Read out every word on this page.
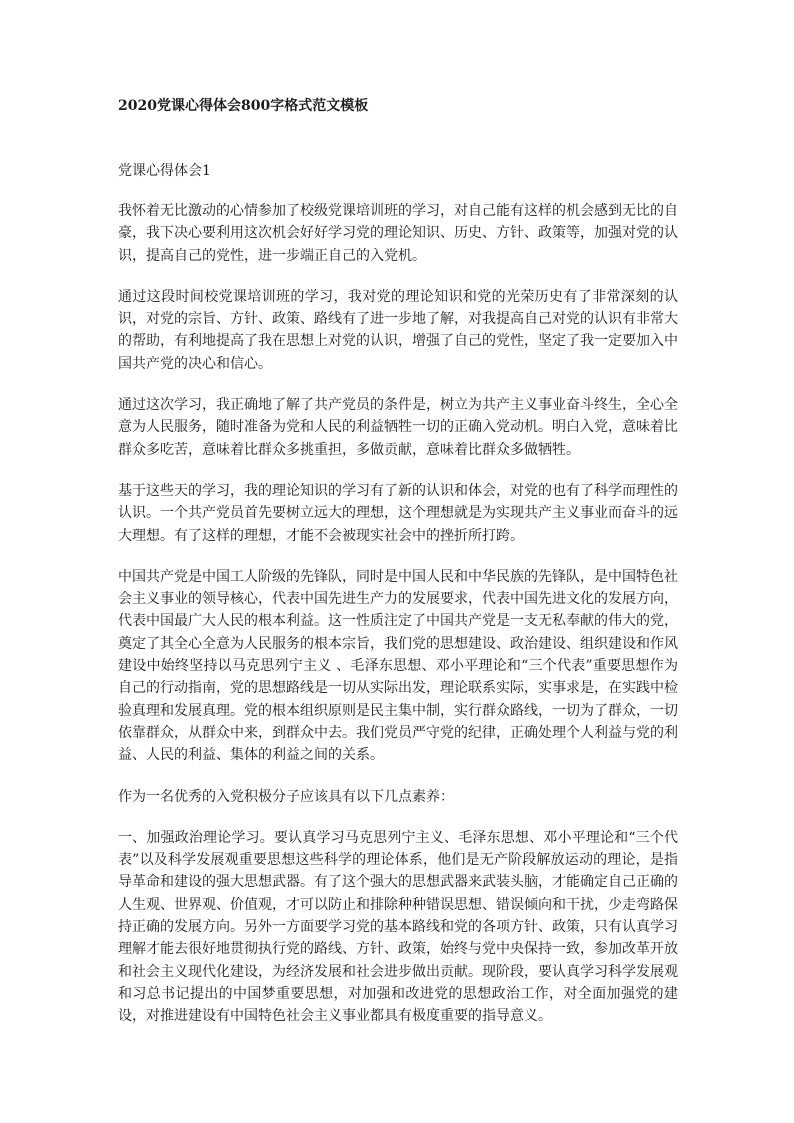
2020党课心得体会800字格式范文模板
党课心得体会1

我怀着无比激动的心情参加了校级党课培训班的学习，对自己能有这样的机会感到无比的自豪，我下决心要利用这次机会好好学习党的理论知识、历史、方针、政策等，加强对党的认识，提高自己的党性，进一步端正自己的入党机。

通过这段时间校党课培训班的学习，我对党的理论知识和党的光荣历史有了非常深刻的认识，对党的宗旨、方针、政策、路线有了进一步地了解，对我提高自己对党的认识有非常大的帮助，有利地提高了我在思想上对党的认识，增强了自己的党性，坚定了我一定要加入中国共产党的决心和信心。

通过这次学习，我正确地了解了共产党员的条件是，树立为共产主义事业奋斗终生，全心全意为人民服务，随时准备为党和人民的利益牺牲一切的正确入党动机。明白入党，意味着比群众多吃苦，意味着比群众多挑重担，多做贡献，意味着比群众多做牺牲。

基于这些天的学习，我的理论知识的学习有了新的认识和体会，对党的也有了科学而理性的认识。一个共产党员首先要树立远大的理想，这个理想就是为实现共产主义事业而奋斗的远大理想。有了这样的理想，才能不会被现实社会中的挫折所打跨。

中国共产党是中国工人阶级的先锋队，同时是中国人民和中华民族的先锋队，是中国特色社会主义事业的领导核心，代表中国先进生产力的发展要求，代表中国先进文化的发展方向，代表中国最广大人民的根本利益。这一性质注定了中国共产党是一支无私奉献的伟大的党，奠定了其全心全意为人民服务的根本宗旨，我们党的思想建设、政治建设、组织建设和作风建设中始终坚持以马克思列宁主义 、毛泽东思想、邓小平理论和“三个代表”重要思想作为自己的行动指南，党的思想路线是一切从实际出发，理论联系实际，实事求是，在实践中检验真理和发展真理。党的根本组织原则是民主集中制，实行群众路线，一切为了群众，一切依靠群众，从群众中来，到群众中去。我们党员严守党的纪律，正确处理个人利益与党的利益、人民的利益、集体的利益之间的关系。

作为一名优秀的入党积极分子应该具有以下几点素养：

一、加强政治理论学习。要认真学习马克思列宁主义、毛泽东思想、邓小平理论和“三个代表”以及科学发展观重要思想这些科学的理论体系，他们是无产阶段解放运动的理论，是指导革命和建设的强大思想武器。有了这个强大的思想武器来武装头脑，才能确定自己正确的人生观、世界观、价值观，才可以防止和排除种种错误思想、错误倾向和干扰，少走弯路保持正确的发展方向。另外一方面要学习党的基本路线和党的各项方针、政策，只有认真学习理解才能去很好地贯彻执行党的路线、方针、政策，始终与党中央保持一致，参加改革开放和社会主义现代化建设，为经济发展和社会进步做出贡献。现阶段，要认真学习科学发展观和习总书记提出的中国梦重要思想，对加强和改进党的思想政治工作，对全面加强党的建设，对推进建设有中国特色社会主义事业都具有极度重要的指导意义。
